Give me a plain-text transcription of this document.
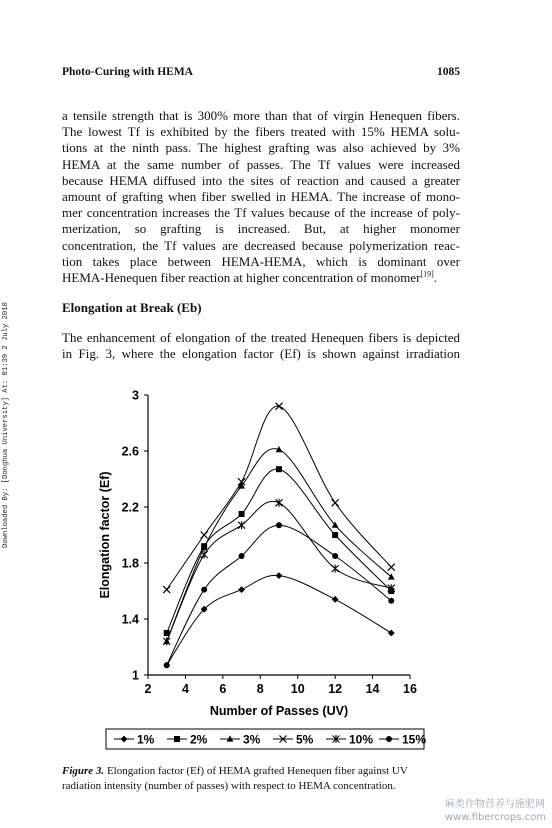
Photo-Curing with HEMA	1085
Downloaded By: [Donghua University] At: 01:39 2 July 2010
a tensile strength that is 300% more than that of virgin Henequen fibers.
The lowest Tf is exhibited by the fibers treated with 15% HEMA solu-
tions at the ninth pass. The highest grafting was also achieved by 3%
HEMA at the same number of passes. The Tf values were increased
because HEMA diffused into the sites of reaction and caused a greater
amount of grafting when fiber swelled in HEMA. The increase of mono-
mer concentration increases the Tf values because of the increase of poly-
merization, so grafting is increased. But, at higher monomer
concentration, the Tf values are decreased because polymerization reac-
tion takes place between HEMA-HEMA, which is dominant over
HEMA-Henequen fiber reaction at higher concentration of monomer[19].
Elongation at Break (Eb)
The enhancement of elongation of the treated Henequen fibers is depicted
in Fig. 3, where the elongation factor (Ef) is shown against irradiation
1
1.4
1.8
2.2
2.6
3
2 4 6 8 10 12 14 16
Number of Passes (UV)
Elongation factor (Ef)
1%	2%	3%	5%	10% 15%
Figure 3. Elongation factor (Ef) of HEMA grafted Henequen fiber against UV
radiation intensity (number of passes) with respect to HEMA concentration.
麻类作物营养与施肥网
www.fibercrops.com
